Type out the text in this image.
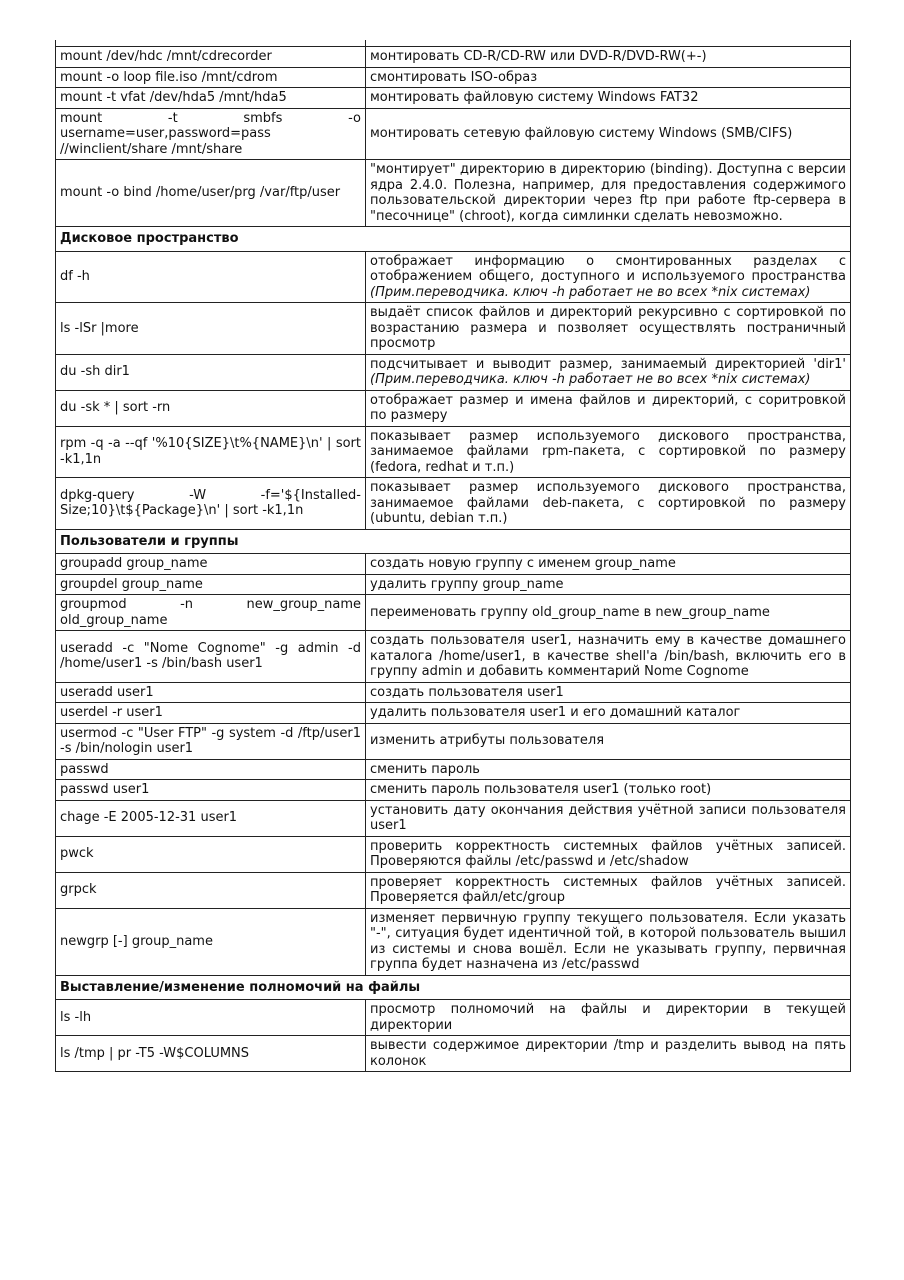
mount /dev/hdc /mnt/cdrecorder	монтировать CD-R/CD-RW или DVD-R/DVD-RW(+-)
mount -o loop file.iso /mnt/cdrom	смонтировать ISO-образ
mount -t vfat /dev/hda5 /mnt/hda5	монтировать файловую систему Windows FAT32
mount -t smbfs -o username=user,password=pass //winclient/share /mnt/share	монтировать сетевую файловую систему Windows (SMB/CIFS)
mount -o bind /home/user/prg /var/ftp/user	"монтирует" директорию в директорию (binding). Доступна с версии ядра 2.4.0. Полезна, например, для предоставления содержимого пользовательской директории через ftp при работе ftp-сервера в "песочнице" (chroot), когда симлинки сделать невозможно.
Дисковое пространство	
df -h	отображает информацию о смонтированных разделах с отображением общего, доступного и используемого пространства (Прим.переводчика. ключ -h работает не во всех *nix системах)
ls -lSr |more	выдаёт список файлов и директорий рекурсивно с сортировкой по возрастанию размера и позволяет осуществлять постраничный просмотр
du -sh dir1	подсчитывает и выводит размер, занимаемый директорией 'dir1' (Прим.переводчика. ключ -h работает не во всех *nix системах)
du -sk * | sort -rn	отображает размер и имена файлов и директорий, с соритровкой по размеру
rpm -q -a --qf '%10{SIZE}\t%{NAME}\n' | sort -k1,1n	показывает размер используемого дискового пространства, занимаемое файлами rpm-пакета, с сортировкой по размеру (fedora, redhat и т.п.)
dpkg-query -W -f='${Installed-Size;10}\t${Package}\n' | sort -k1,1n	показывает размер используемого дискового пространства, занимаемое файлами deb-пакета, с сортировкой по размеру (ubuntu, debian т.п.)
Пользователи и группы	
groupadd group_name	создать новую группу с именем group_name
groupdel group_name	удалить группу group_name
groupmod -n new_group_name old_group_name	переименовать группу old_group_name в new_group_name
useradd -c "Nome Cognome" -g admin -d /home/user1 -s /bin/bash user1	создать пользователя user1, назначить ему в качестве домашнего каталога /home/user1, в качестве shell'a /bin/bash, включить его в группу admin и добавить комментарий Nome Cognome
useradd user1	создать пользователя user1
userdel -r user1	удалить пользователя user1 и его домашний каталог
usermod -c "User FTP" -g system -d /ftp/user1 -s /bin/nologin user1	изменить атрибуты пользователя
passwd	сменить пароль
passwd user1	сменить пароль пользователя user1 (только root)
chage -E 2005-12-31 user1	установить дату окончания действия учётной записи пользователя user1
pwck	проверить корректность системных файлов учётных записей. Проверяются файлы /etc/passwd и /etc/shadow
grpck	проверяет корректность системных файлов учётных записей. Проверяется файл/etc/group
newgrp [-] group_name	изменяет первичную группу текущего пользователя. Если указать "-", ситуация будет идентичной той, в которой пользователь вышил из системы и снова вошёл. Если не указывать группу, первичная группа будет назначена из /etc/passwd
Выставление/изменение полномочий на файлы	
ls -lh	просмотр полномочий на файлы и директории в текущей директории
ls /tmp | pr -T5 -W$COLUMNS	вывести содержимое директории /tmp и разделить вывод на пять колонок
